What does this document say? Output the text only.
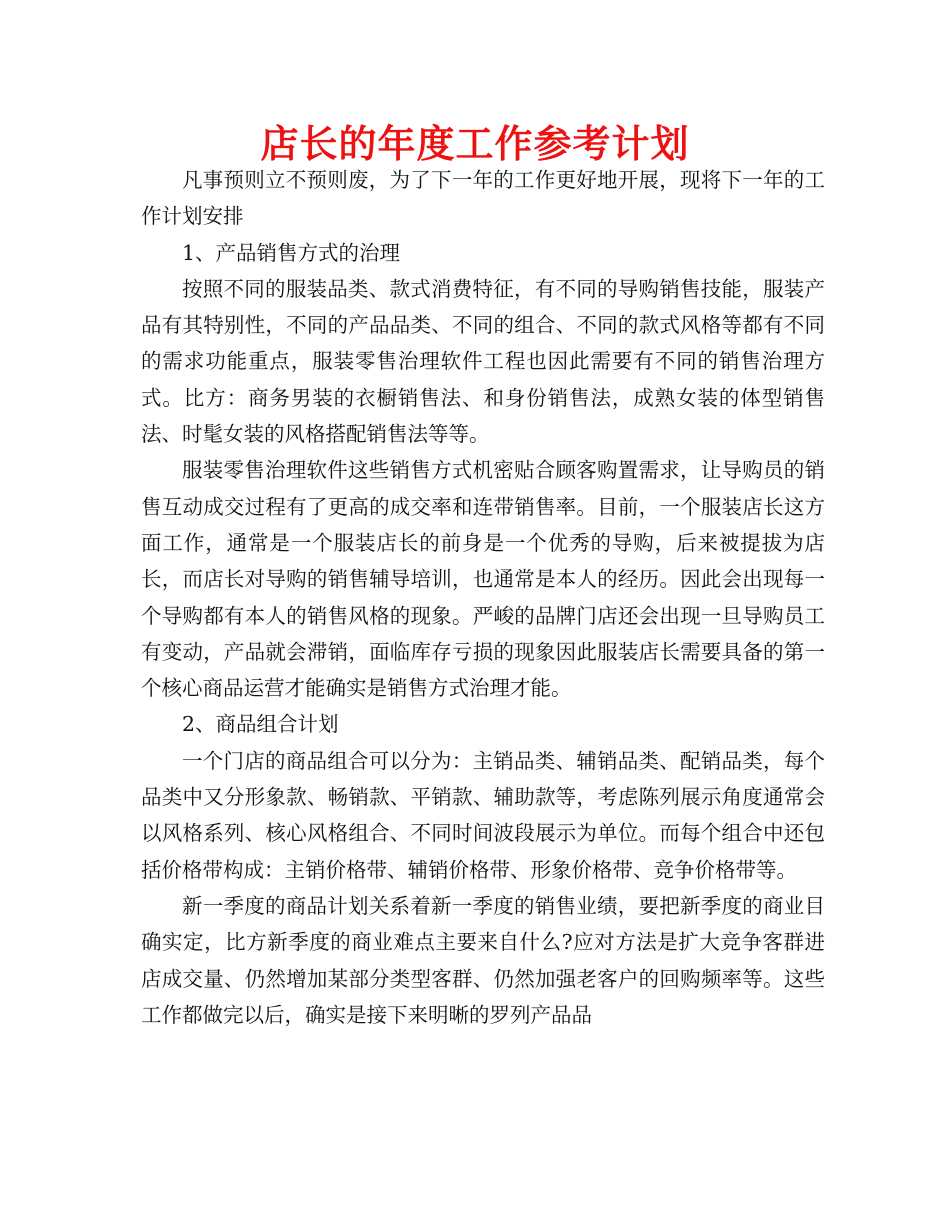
店长的年度工作参考计划

凡事预则立不预则废，为了下一年的工作更好地开展，现将下一年的工作计划安排

1、产品销售方式的治理

按照不同的服装品类、款式消费特征，有不同的导购销售技能，服装产品有其特别性，不同的产品品类、不同的组合、不同的款式风格等都有不同的需求功能重点，服装零售治理软件工程也因此需要有不同的销售治理方式。比方：商务男装的衣橱销售法、和身份销售法，成熟女装的体型销售法、时髦女装的风格搭配销售法等等。

服装零售治理软件这些销售方式机密贴合顾客购置需求，让导购员的销售互动成交过程有了更高的成交率和连带销售率。目前，一个服装店长这方面工作，通常是一个服装店长的前身是一个优秀的导购，后来被提拔为店长，而店长对导购的销售辅导培训，也通常是本人的经历。因此会出现每一个导购都有本人的销售风格的现象。严峻的品牌门店还会出现一旦导购员工有变动，产品就会滞销，面临库存亏损的现象因此服装店长需要具备的第一个核心商品运营才能确实是销售方式治理才能。

2、商品组合计划

一个门店的商品组合可以分为：主销品类、辅销品类、配销品类，每个品类中又分形象款、畅销款、平销款、辅助款等，考虑陈列展示角度通常会以风格系列、核心风格组合、不同时间波段展示为单位。而每个组合中还包括价格带构成：主销价格带、辅销价格带、形象价格带、竞争价格带等。

新一季度的商品计划关系着新一季度的销售业绩，要把新季度的商业目确实定，比方新季度的商业难点主要来自什么?应对方法是扩大竞争客群进店成交量、仍然增加某部分类型客群、仍然加强老客户的回购频率等。这些工作都做完以后，确实是接下来明晰的罗列产品品
